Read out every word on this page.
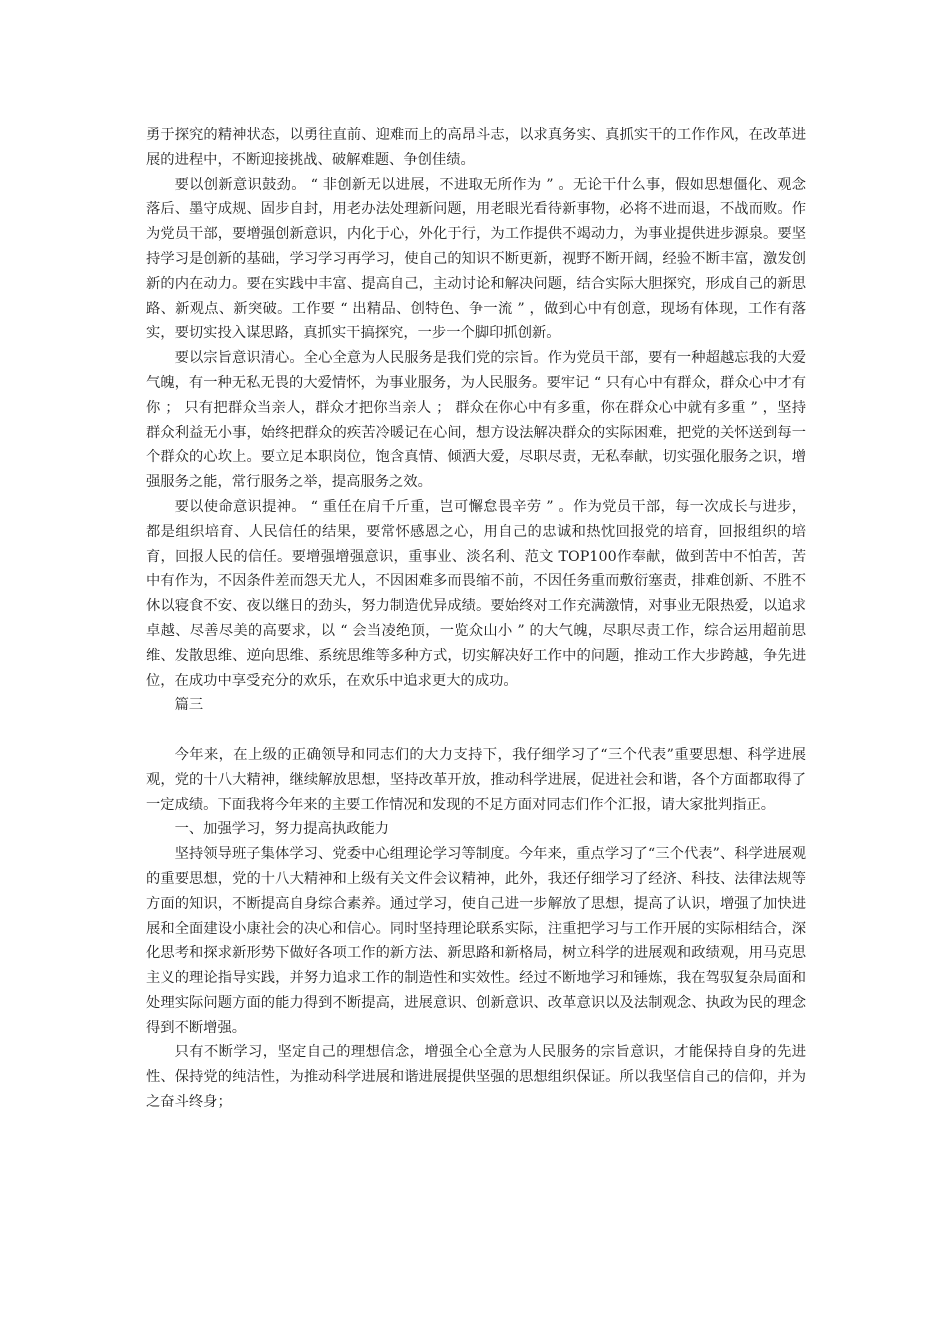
勇于探究的精神状态，以勇往直前、迎难而上的高昂斗志，以求真务实、真抓实干的工作作风，在改革进展的进程中，不断迎接挑战、破解难题、争创佳绩。

要以创新意识鼓劲。 “ 非创新无以进展，不进取无所作为 ” 。无论干什么事，假如思想僵化、观念落后、墨守成规、固步自封，用老办法处理新问题，用老眼光看待新事物，必将不进而退，不战而败。作为党员干部，要增强创新意识，内化于心，外化于行，为工作提供不竭动力，为事业提供进步源泉。要坚持学习是创新的基础，学习学习再学习，使自己的知识不断更新，视野不断开阔，经验不断丰富，激发创新的内在动力。要在实践中丰富、提高自己，主动讨论和解决问题，结合实际大胆探究，形成自己的新思路、新观点、新突破。工作要 “ 出精品、创特色、争一流 ” ，做到心中有创意，现场有体现，工作有落实，要切实投入谋思路，真抓实干搞探究，一步一个脚印抓创新。

要以宗旨意识清心。全心全意为人民服务是我们党的宗旨。作为党员干部，要有一种超越忘我的大爱气魄，有一种无私无畏的大爱情怀，为事业服务，为人民服务。要牢记 “ 只有心中有群众，群众心中才有你 ； 只有把群众当亲人，群众才把你当亲人 ； 群众在你心中有多重，你在群众心中就有多重 ” ，坚持群众利益无小事，始终把群众的疾苦冷暖记在心间，想方设法解决群众的实际困难，把党的关怀送到每一个群众的心坎上。要立足本职岗位，饱含真情、倾洒大爱，尽职尽责，无私奉献，切实强化服务之识，增强服务之能，常行服务之举，提高服务之效。

要以使命意识提神。 “ 重任在肩千斤重，岂可懈怠畏辛劳 ” 。作为党员干部，每一次成长与进步，都是组织培育、人民信任的结果，要常怀感恩之心，用自己的忠诚和热忱回报党的培育，回报组织的培育，回报人民的信任。要增强增强意识，重事业、淡名利、范文 TOP100作奉献，做到苦中不怕苦，苦中有作为，不因条件差而怨天尤人，不因困难多而畏缩不前，不因任务重而敷衍塞责，排难创新、不胜不休以寝食不安、夜以继日的劲头，努力制造优异成绩。要始终对工作充满激情，对事业无限热爱，以追求卓越、尽善尽美的高要求，以 “ 会当凌绝顶，一览众山小 ” 的大气魄，尽职尽责工作，综合运用超前思维、发散思维、逆向思维、系统思维等多种方式，切实解决好工作中的问题，推动工作大步跨越，争先进位，在成功中享受充分的欢乐，在欢乐中追求更大的成功。

篇三

今年来，在上级的正确领导和同志们的大力支持下，我仔细学习了“三个代表”重要思想、科学进展观，党的十八大精神，继续解放思想，坚持改革开放，推动科学进展，促进社会和谐，各个方面都取得了一定成绩。下面我将今年来的主要工作情况和发现的不足方面对同志们作个汇报，请大家批判指正。

一、加强学习，努力提高执政能力

坚持领导班子集体学习、党委中心组理论学习等制度。今年来，重点学习了“三个代表”、科学进展观的重要思想，党的十八大精神和上级有关文件会议精神，此外，我还仔细学习了经济、科技、法律法规等方面的知识，不断提高自身综合素养。通过学习，使自己进一步解放了思想，提高了认识，增强了加快进展和全面建设小康社会的决心和信心。同时坚持理论联系实际，注重把学习与工作开展的实际相结合，深化思考和探求新形势下做好各项工作的新方法、新思路和新格局，树立科学的进展观和政绩观，用马克思主义的理论指导实践，并努力追求工作的制造性和实效性。经过不断地学习和锤炼，我在驾驭复杂局面和处理实际问题方面的能力得到不断提高，进展意识、创新意识、改革意识以及法制观念、执政为民的理念得到不断增强。

只有不断学习，坚定自己的理想信念，增强全心全意为人民服务的宗旨意识，才能保持自身的先进性、保持党的纯洁性，为推动科学进展和谐进展提供坚强的思想组织保证。所以我坚信自己的信仰，并为之奋斗终身；
